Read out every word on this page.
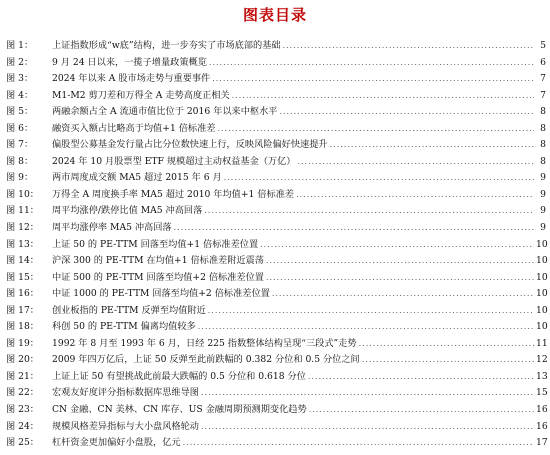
图表目录
图 1：	上证指数形成“w底”结构，进一步夯实了市场底部的基础 .....	5
图 2：	9 月 24 日以来，一揽子增量政策概览 .....	6
图 3：	2024 年以来 A 股市场走势与重要事件 .....	7
图 4：	M1-M2 剪刀差和万得全 A 走势高度正相关 .....	7
图 5：	两融余额占全 A 流通市值比位于 2016 年以来中枢水平 .....	8
图 6：	融资买入额占比略高于均值+1 倍标准差 .....	8
图 7：	偏股型公募基金发行量占比分位数快速上行，反映风险偏好快速提升 .....	8
图 8：	2024 年 10 月股票型 ETF 规模超过主动权益基金（万亿） .....	8
图 9：	两市周度成交额 MA5 超过 2015 年 6 月 .....	9
图 10：	万得全 A 周度换手率 MA5 超过 2010 年均值+1 倍标准差 .....	9
图 11：	周平均涨停/跌停比值 MA5 冲高回落 .....	9
图 12：	周平均涨停率 MA5 冲高回落 .....	9
图 13：	上证 50 的 PE-TTM 回落至均值+1 倍标准差位置 .....	10
图 14：	沪深 300 的 PE-TTM 在均值+1 倍标准差附近震荡 .....	10
图 15：	中证 500 的 PE-TTM 回落至均值+2 倍标准差位置 .....	10
图 16：	中证 1000 的 PE-TTM 回落至均值+2 倍标准差位置 .....	10
图 17：	创业板指的 PE-TTM 反弹至均值附近 .....	10
图 18：	科创 50 的 PE-TTM 偏离均值较多 .....	10
图 19：	1992 年 8 月至 1993 年 6 月，日经 225 指数整体结构呈现“三段式”走势 .....	11
图 20：	2009 年四万亿后，上证 50 反弹至此前跌幅的 0.382 分位和 0.5 分位之间 .....	12
图 21：	上证上证 50 有望挑战此前最大跌幅的 0.5 分位和 0.618 分位 .....	13
图 22：	宏观友好度评分指标数据库思维导图 .....	15
图 23：	CN 金融、CN 美林、CN 库存、US 金融周期预测期变化趋势 .....	16
图 24：	规模风格差异指标与大小盘风格轮动 .....	16
图 25：	杠杆资金更加偏好小盘股，亿元 .....	17
